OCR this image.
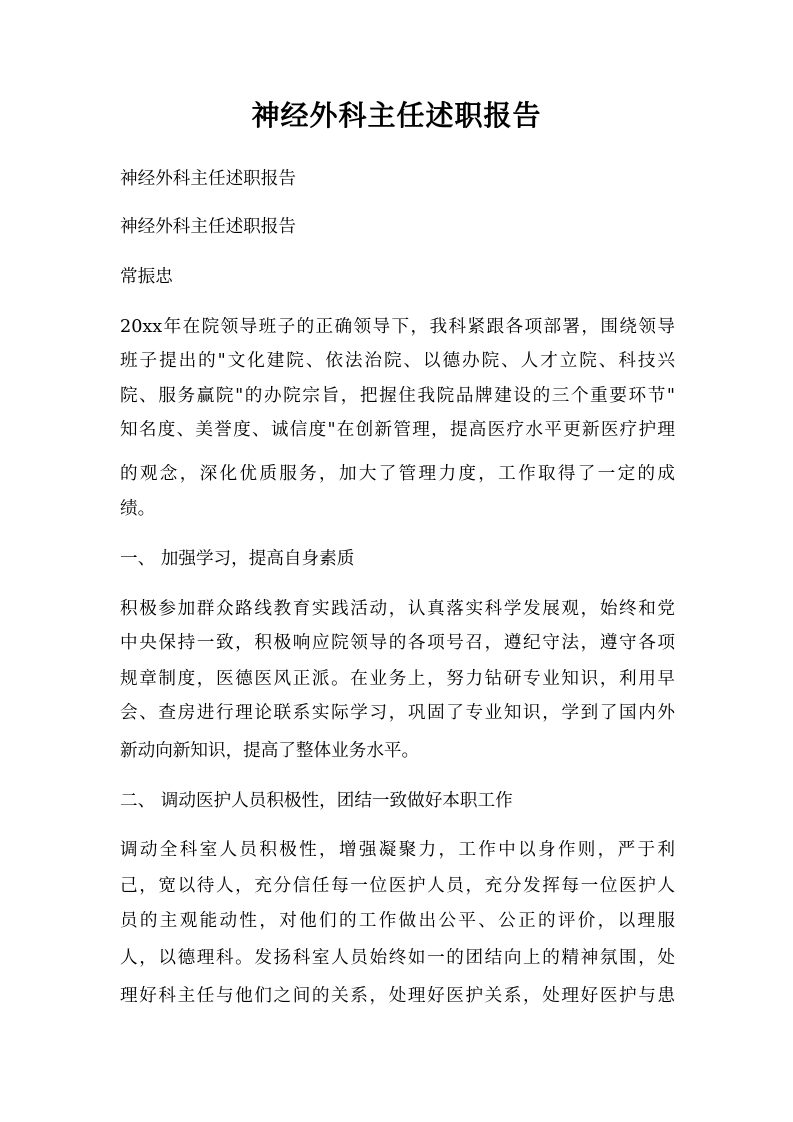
神经外科主任述职报告

神经外科主任述职报告

神经外科主任述职报告

常振忠

20xx年在院领导班子的正确领导下，我科紧跟各项部署，围绕领导

班子提出的"文化建院、依法治院、以德办院、人才立院、科技兴

院、服务赢院"的办院宗旨，把握住我院品牌建设的三个重要环节"

知名度、美誉度、诚信度"在创新管理，提高医疗水平更新医疗护理

的观念，深化优质服务，加大了管理力度，工作取得了一定的成

绩。

一、 加强学习，提高自身素质

积极参加群众路线教育实践活动，认真落实科学发展观，始终和党

中央保持一致，积极响应院领导的各项号召，遵纪守法，遵守各项

规章制度，医德医风正派。在业务上，努力钻研专业知识，利用早

会、查房进行理论联系实际学习，巩固了专业知识，学到了国内外

新动向新知识，提高了整体业务水平。

二、 调动医护人员积极性，团结一致做好本职工作

调动全科室人员积极性，增强凝聚力，工作中以身作则，严于利

己，宽以待人，充分信任每一位医护人员，充分发挥每一位医护人

员的主观能动性，对他们的工作做出公平、公正的评价，以理服

人，以德理科。发扬科室人员始终如一的团结向上的精神氛围，处

理好科主任与他们之间的关系，处理好医护关系，处理好医护与患
